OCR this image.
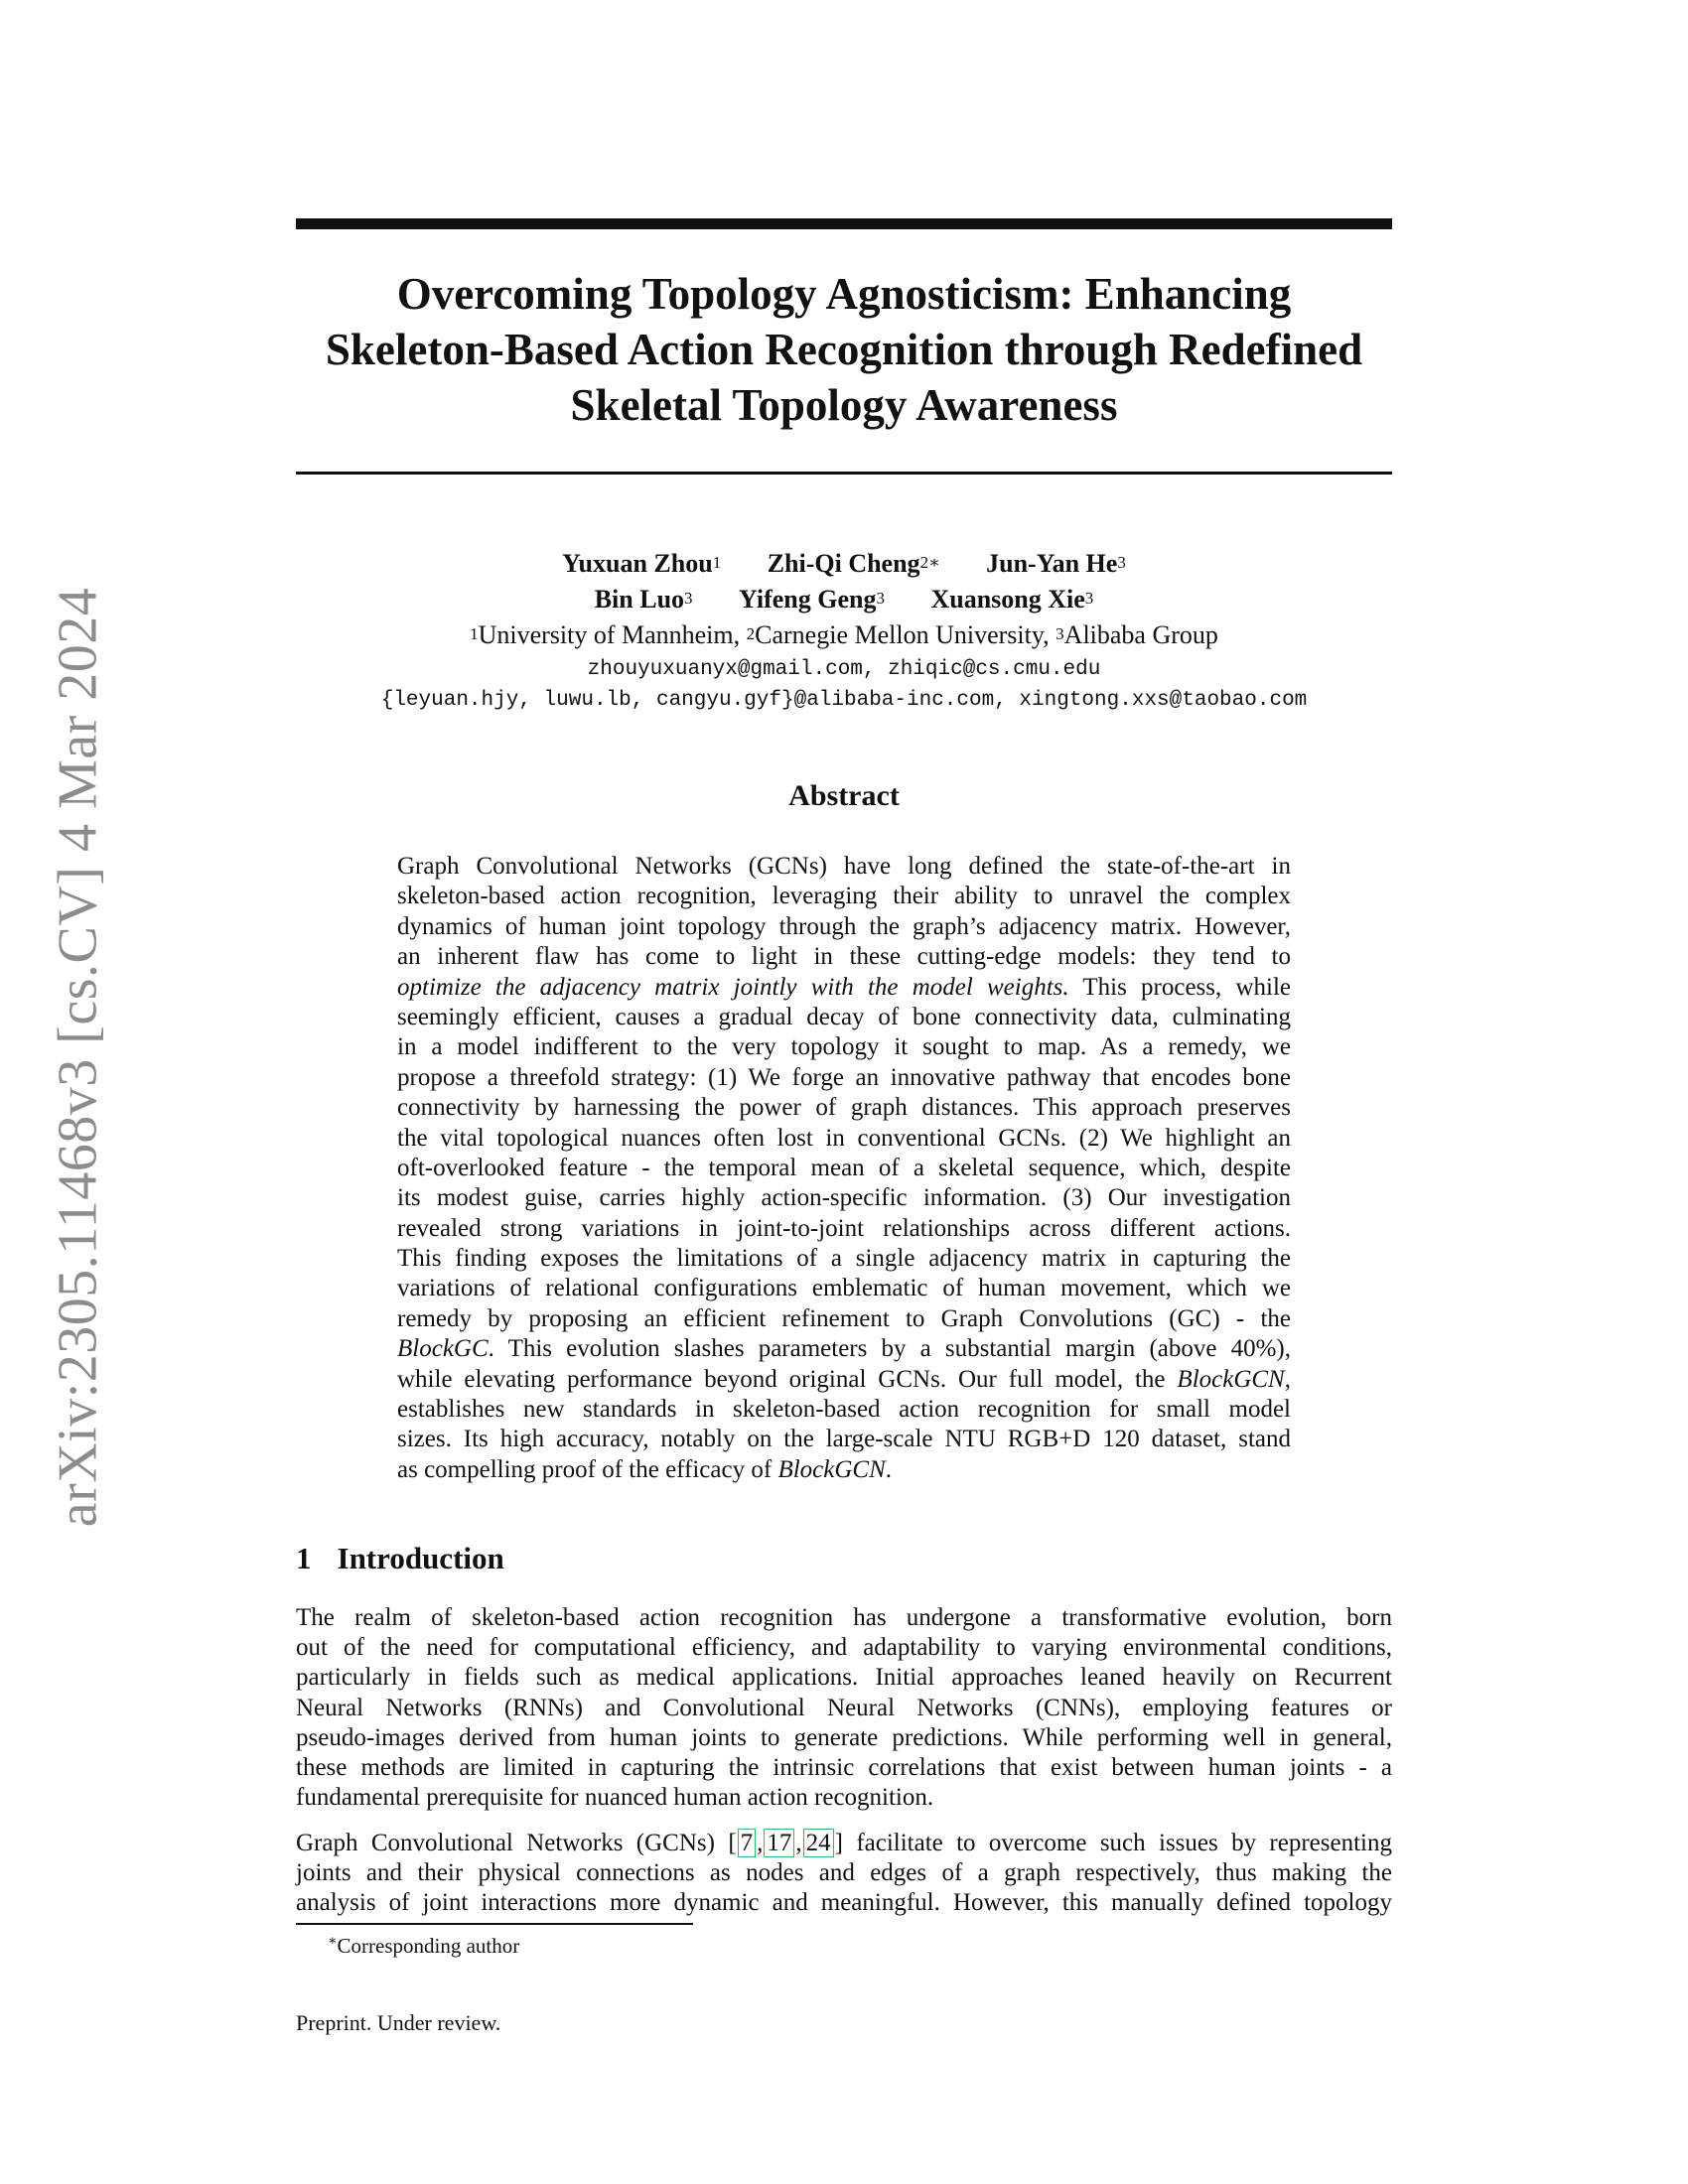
arXiv:2305.11468v3 [cs.CV] 4 Mar 2024
Overcoming Topology Agnosticism: Enhancing
Skeleton-Based Action Recognition through Redefined
Skeletal Topology Awareness
Yuxuan Zhou$^1$ Zhi-Qi Cheng$^{2∗}$ Jun-Yan He$^3$
Bin Luo$^3$ Yifeng Geng$^3$ Xuansong Xie$^3$
$^1$University of Mannheim, $^2$Carnegie Mellon University, $^3$Alibaba Group
zhouyuxuanyx@gmail.com, zhiqic@cs.cmu.edu
{leyuan.hjy, luwu.lb, cangyu.gyf}@alibaba-inc.com, xingtong.xxs@taobao.com
Abstract
Graph Convolutional Networks (GCNs) have long defined the state-of-the-art in
skeleton-based action recognition, leveraging their ability to unravel the complex
dynamics of human joint topology through the graph’s adjacency matrix. However,
an inherent flaw has come to light in these cutting-edge models: they tend to
optimize the adjacency matrix jointly with the model weights. This process, while
seemingly efficient, causes a gradual decay of bone connectivity data, culminating
in a model indifferent to the very topology it sought to map. As a remedy, we
propose a threefold strategy: (1) We forge an innovative pathway that encodes bone
connectivity by harnessing the power of graph distances. This approach preserves
the vital topological nuances often lost in conventional GCNs. (2) We highlight an
oft-overlooked feature - the temporal mean of a skeletal sequence, which, despite
its modest guise, carries highly action-specific information. (3) Our investigation
revealed strong variations in joint-to-joint relationships across different actions.
This finding exposes the limitations of a single adjacency matrix in capturing the
variations of relational configurations emblematic of human movement, which we
remedy by proposing an efficient refinement to Graph Convolutions (GC) - the
BlockGC. This evolution slashes parameters by a substantial margin (above 40%),
while elevating performance beyond original GCNs. Our full model, the BlockGCN,
establishes new standards in skeleton-based action recognition for small model
sizes. Its high accuracy, notably on the large-scale NTU RGB+D 120 dataset, stand
as compelling proof of the efficacy of BlockGCN.
1 Introduction
The realm of skeleton-based action recognition has undergone a transformative evolution, born
out of the need for computational efficiency, and adaptability to varying environmental conditions,
particularly in fields such as medical applications. Initial approaches leaned heavily on Recurrent
Neural Networks (RNNs) and Convolutional Neural Networks (CNNs), employing features or
pseudo-images derived from human joints to generate predictions. While performing well in general,
these methods are limited in capturing the intrinsic correlations that exist between human joints - a
fundamental prerequisite for nuanced human action recognition.
Graph Convolutional Networks (GCNs) [ 7 , 17 , 24 ] facilitate to overcome such issues by representing
joints and their physical connections as nodes and edges of a graph respectively, thus making the
analysis of joint interactions more dynamic and meaningful. However, this manually defined topology
∗Corresponding author
Preprint. Under review.
